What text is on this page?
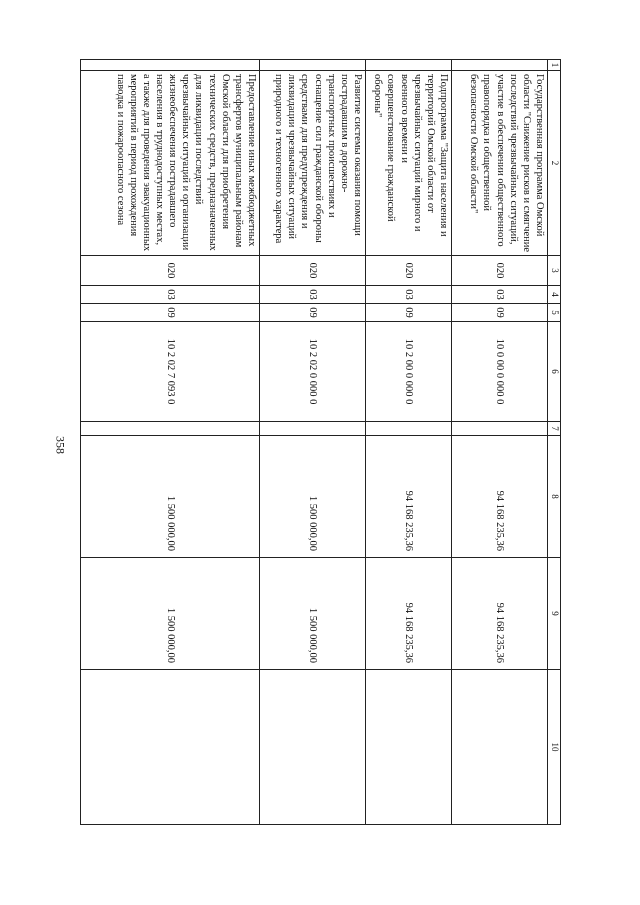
358
1	2	3	4	5	6	7	8	9	10
	Государственная программа Омской области "Снижение рисков и смягчение последствий чрезвычайных ситуаций, участие в обеспечении общественного правопорядка и общественной безопасности Омской области"	020	03	09	10 0 00 0 000 0		94 168 235,36	94 168 235,36	
	Подпрограмма "Защита населения и территорий Омской области от чрезвычайных ситуаций мирного и военного времени и совершенствование гражданской обороны"	020	03	09	10 2 00 0 000 0		94 168 235,36	94 168 235,36	
	Развитие системы оказания помощи пострадавшим в дорожно-транспортных происшествиях и оснащение сил гражданской обороны средствами для предупреждения и ликвидации чрезвычайных ситуаций природного и техногенного характера	020	03	09	10 2 02 0 000 0		1 500 000,00	1 500 000,00	
	Предоставление иных межбюджетных трансфертов муниципальным районам Омской области для приобретения технических средств, предназначенных для ликвидации последствий чрезвычайных ситуаций и организации жизнеобеспечения пострадавшего населения в труднодоступных местах, а также для проведения эвакуационных мероприятий в период прохождения паводка и пожароопасного сезона	020	03	09	10 2 02 7 093 0		1 500 000,00	1 500 000,00	
